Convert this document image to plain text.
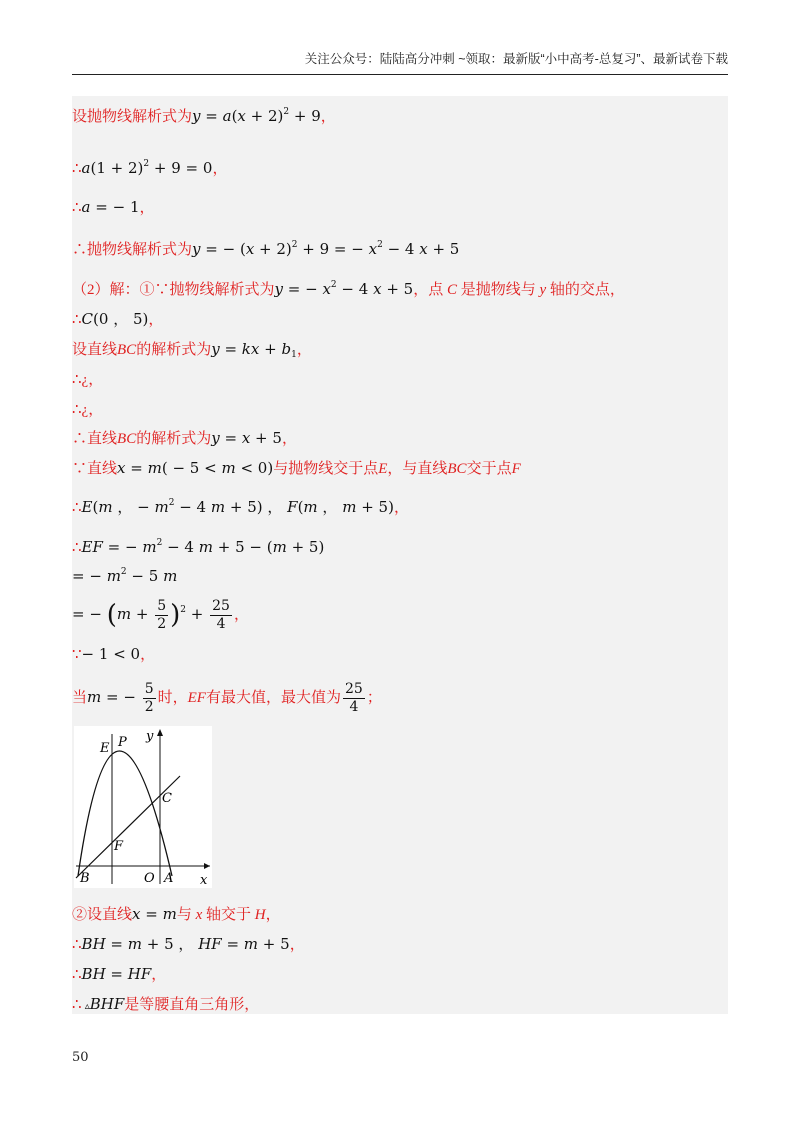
关注公众号：陆陆高分冲刺 ~领取：最新版“小中高考-总复习”、最新试卷下载
设抛物线解析式为$y = a(x + 2)^2 + 9$，
∴a(1 + 2)$^2$ + 9 = 0，
∴a = − 1，
∴抛物线解析式为y = − $(x + 2)^2 + 9$ = − $x^2 - 4$ x + 5
（2）解：①∵抛物线解析式为y = − $x^2 - 4$ x + 5，点 C 是抛物线与 y 轴的交点，
∴C(0 ， 5)，
设直线BC的解析式为y = kx + $b_1$，
∴¿，
∴¿，
∴直线BC的解析式为y = x + 5，
∵直线x = m( − 5 < m < 0)与抛物线交于点E，与直线BC交于点F
∴E(m ， − $m^2 - 4$ m + 5) ， F(m ， m + 5)，
∴EF = − $m^2 - 4$ m + 5 − (m + 5)
= − $m^2 - 5$ m
= − $(m + \frac{5}{2} )^2 + \frac{25}{4}$ ，
∵− 1 < 0，
当m = − $\frac{5}{2}$ 时，EF有最大值，最大值为 $\frac{25}{4}$ ；
E P y
C
F
B	O A x
②设直线x = m与 x 轴交于 H，
∴BH = m + 5 ， HF = m + 5，
∴BH = HF，
∴ ▵BHF是等腰直角三角形，
50
